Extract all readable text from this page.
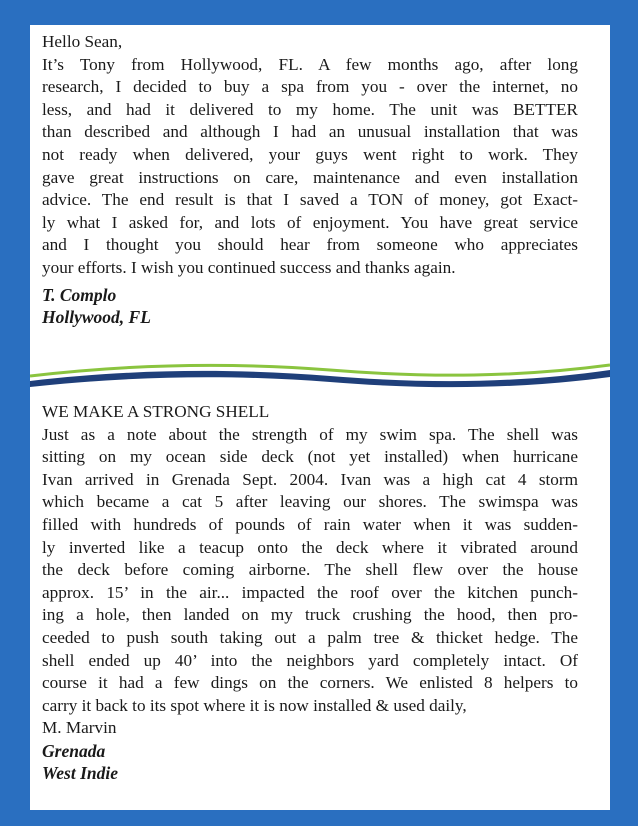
Hello Sean,

It’s Tony from Hollywood, FL. A few months ago, after long

research, I decided to buy a spa from you - over the internet, no

less, and had it delivered to my home. The unit was BETTER

than described and although I had an unusual installation that was

not ready when delivered, your guys went right to work. They

gave great instructions on care, maintenance and even installation

advice. The end result is that I saved a TON of money, got Exact-

ly what I asked for, and lots of enjoyment. You have great service

and I thought you should hear from someone who appreciates

your efforts. I wish you continued success and thanks again.

T. Complo

Hollywood, FL

WE MAKE A STRONG SHELL

Just as a note about the strength of my swim spa. The shell was

sitting on my ocean side deck (not yet installed) when hurricane

Ivan arrived in Grenada Sept. 2004. Ivan was a high cat 4 storm

which became a cat 5 after leaving our shores. The swimspa was

filled with hundreds of pounds of rain water when it was sudden-

ly inverted like a teacup onto the deck where it vibrated around

the deck before coming airborne. The shell flew over the house

approx. 15’ in the air... impacted the roof over the kitchen punch-

ing a hole, then landed on my truck crushing the hood, then pro-

ceeded to push south taking out a palm tree & thicket hedge. The

shell ended up 40’ into the neighbors yard completely intact. Of

course it had a few dings on the corners. We enlisted 8 helpers to

carry it back to its spot where it is now installed & used daily,

M. Marvin

Grenada

West Indie
